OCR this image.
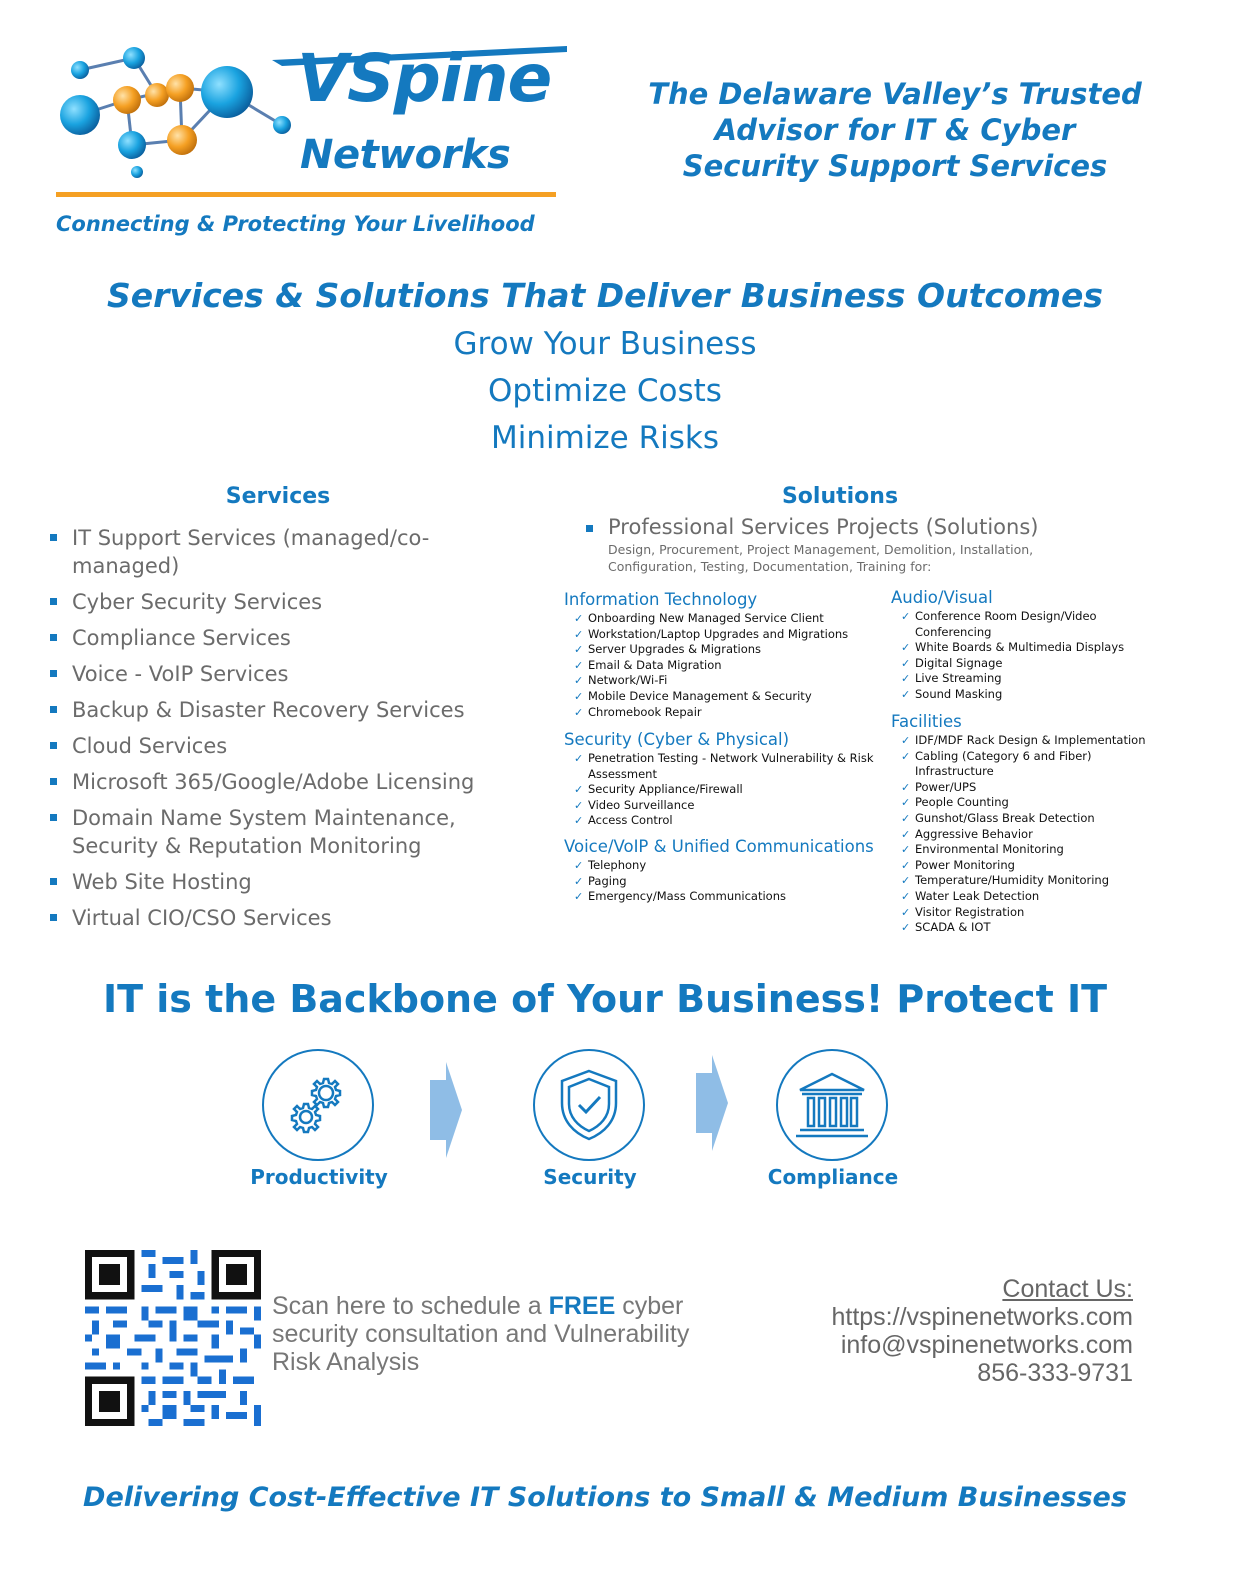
VSpine
Networks
Connecting & Protecting Your Livelihood
The Delaware Valley’s Trusted
Advisor for IT & Cyber
Security Support Services
Services & Solutions That Deliver Business Outcomes
Grow Your Business
Optimize Costs
Minimize Risks
Services
IT Support Services (managed/co-managed)
Cyber Security Services
Compliance Services
Voice - VoIP Services
Backup & Disaster Recovery Services
Cloud Services
Microsoft 365/Google/Adobe Licensing
Domain Name System Maintenance, Security & Reputation Monitoring
Web Site Hosting
Virtual CIO/CSO Services
Solutions
Professional Services Projects (Solutions)
Design, Procurement, Project Management, Demolition, Installation, Configuration, Testing, Documentation, Training for:
Information Technology
✓ Onboarding New Managed Service Client
✓ Workstation/Laptop Upgrades and Migrations
✓ Server Upgrades & Migrations
✓ Email & Data Migration
✓ Network/Wi-Fi
✓ Mobile Device Management & Security
✓ Chromebook Repair
Security (Cyber & Physical)
✓ Penetration Testing - Network Vulnerability & Risk Assessment
✓ Security Appliance/Firewall
✓ Video Surveillance
✓ Access Control
Voice/VoIP & Unified Communications
✓ Telephony
✓ Paging
✓ Emergency/Mass Communications
Audio/Visual
✓ Conference Room Design/Video Conferencing
✓ White Boards & Multimedia Displays
✓ Digital Signage
✓ Live Streaming
✓ Sound Masking
Facilities
✓ IDF/MDF Rack Design & Implementation
✓ Cabling (Category 6 and Fiber) Infrastructure
✓ Power/UPS
✓ People Counting
✓ Gunshot/Glass Break Detection
✓ Aggressive Behavior
✓ Environmental Monitoring
✓ Power Monitoring
✓ Temperature/Humidity Monitoring
✓ Water Leak Detection
✓ Visitor Registration
✓ SCADA & IOT
IT is the Backbone of Your Business! Protect IT
Productivity	Security	Compliance
Scan here to schedule a FREE cyber security consultation and Vulnerability Risk Analysis
Contact Us:
https://vspinenetworks.com
info@vspinenetworks.com
856-333-9731
Delivering Cost-Effective IT Solutions to Small & Medium Businesses
